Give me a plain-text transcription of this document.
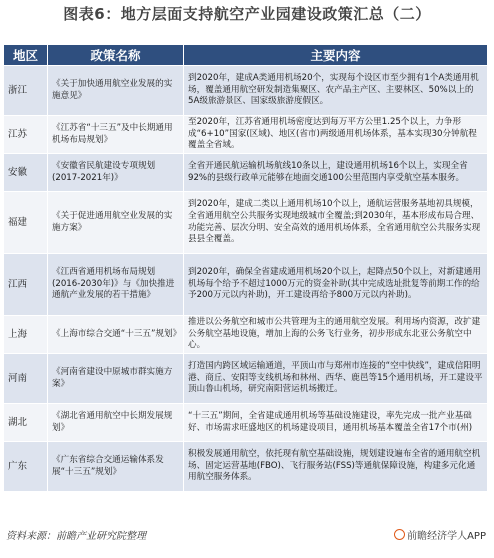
图表6：地方层面支持航空产业园建设政策汇总（二）
地区	政策名称	主要内容
浙江	《关于加快通用航空业发展的实施意见》	到2020年，建成A类通用机场20个，实现每个设区市至少拥有1个A类通用机场，覆盖通用航空研发制造集聚区、农产品主产区、主要林区、50%以上的5A级旅游景区、国家级旅游度假区。
江苏	《江苏省“十三五”及中长期通用机场布局规划》	至2020年，江苏省通用机场密度达到每万平方公里1.25个以上，力争形成“6+10”国家(区域)、地区(省市)两级通用机场体系，基本实现30分钟航程覆盖全省域。
安徽	《安徽省民航建设专项规划(2017-2021年)》	全省开通民航运输机场航线10条以上，建设通用机场16个以上，实现全省92%的县级行政单元能够在地面交通100公里范围内享受航空基本服务。
福建	《关于促进通用航空业发展的实施方案》	到2020年，建成二类以上通用机场10个以上，通航运营服务基地初具规模，全省通用航空公共服务实现地级城市全覆盖;到2030年，基本形成布局合理、功能完善、层次分明、安全高效的通用机场体系，全省通用航空公共服务实现县县全覆盖。
江西	《江西省通用机场布局规划(2016-2030年)》与《加快推进通航产业发展的若干措施》	到2020年，确保全省建成通用机场20个以上，起降点50个以上，对新建通用机场每个给予不超过1000万元的资金补助(其中完成选址批复等前期工作的给予200万元以内补助)，开工建设再给予800万元以内补助)。
上海	《上海市综合交通“十三五”规划》	推进以公务航空和城市公共管理为主的通用航空发展。利用场内资源，改扩建公务航空基地设施，增加上海的公务飞行业务，初步形成东北亚公务航空中心。
河南	《河南省建设中原城市群实施方案》	打造国内跨区域运输通道，平顶山市与郑州市连接的“空中快线”，建成信阳明港、商丘、安阳等支线机场和林州、西华、鹿邑等15个通用机场，开工建设平顶山鲁山机场，研究南阳营运机场搬迁。
湖北	《湖北省通用航空中长期发展规划》	“十三五”期间，全省建成通用机场等基础设施建设，率先完成一批产业基础好、市场需求旺盛地区的机场建设项目，通用机场基本覆盖全省17个市(州)
广东	《广东省综合交通运输体系发展“十三五”规划》	积极发展通用航空，依托现有航空基础设施，规划建设遍布全省的通用航空机场、固定运营基地(FBO)、飞行服务站(FSS)等通航保障设施，构建多元化通用航空服务体系。
资料来源：前瞻产业研究院整理	前瞻经济学人APP
